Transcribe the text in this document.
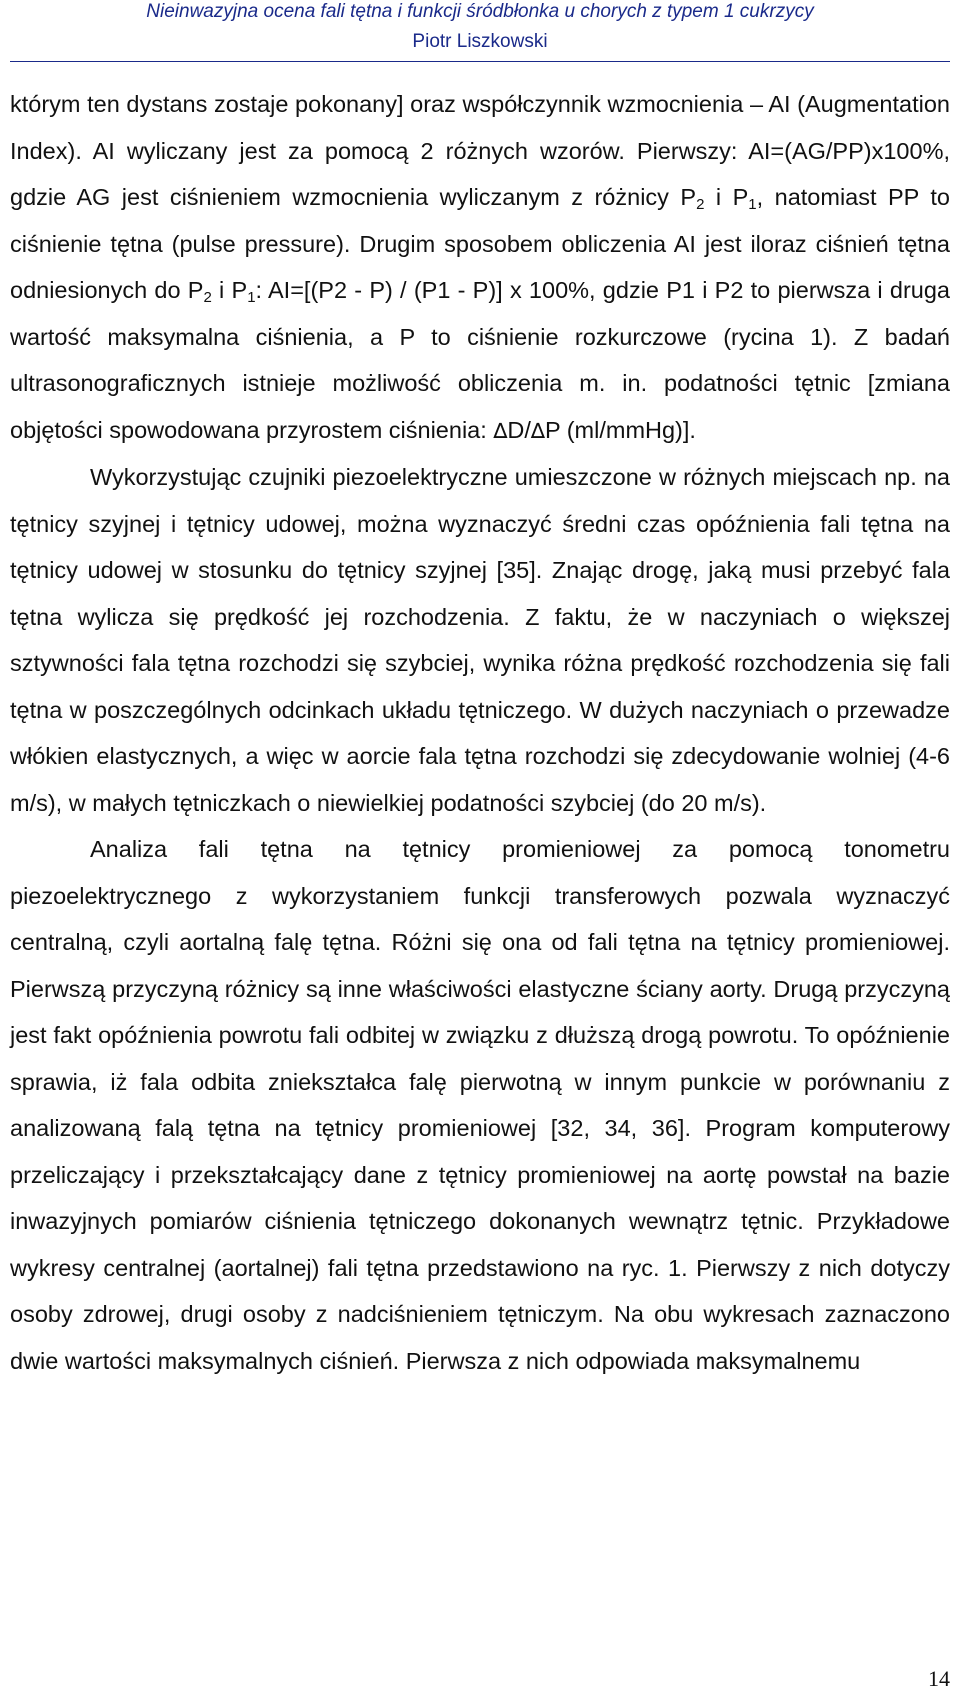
Nieinwazyjna ocena fali tętna i funkcji śródbłonka u chorych z typem 1 cukrzycy
Piotr Liszkowski

którym ten dystans zostaje pokonany] oraz współczynnik wzmocnienia – AI (Augmentation Index). AI wyliczany jest za pomocą 2 różnych wzorów. Pierwszy: AI=(AG/PP)x100%, gdzie AG jest ciśnieniem wzmocnienia wyliczanym z różnicy $P_2$ i $P_1$, natomiast PP to ciśnienie tętna (pulse pressure). Drugim sposobem obliczenia AI jest iloraz ciśnień tętna odniesionych do $P_2$ i $P_1$: AI=[(P2 - P) / (P1 - P)] x 100%, gdzie P1 i P2 to pierwsza i druga wartość maksymalna ciśnienia, a P to ciśnienie rozkurczowe (rycina 1). Z badań ultrasonograficznych istnieje możliwość obliczenia m. in. podatności tętnic [zmiana objętości spowodowana przyrostem ciśnienia: ∆D/∆P (ml/mmHg)].

Wykorzystując czujniki piezoelektryczne umieszczone w różnych miejscach np. na tętnicy szyjnej i tętnicy udowej, można wyznaczyć średni czas opóźnienia fali tętna na tętnicy udowej w stosunku do tętnicy szyjnej [35]. Znając drogę, jaką musi przebyć fala tętna wylicza się prędkość jej rozchodzenia. Z faktu, że w naczyniach o większej sztywności fala tętna rozchodzi się szybciej, wynika różna prędkość rozchodzenia się fali tętna w poszczególnych odcinkach układu tętniczego. W dużych naczyniach o przewadze włókien elastycznych, a więc w aorcie fala tętna rozchodzi się zdecydowanie wolniej (4-6 m/s), w małych tętniczkach o niewielkiej podatności szybciej (do 20 m/s).

Analiza fali tętna na tętnicy promieniowej za pomocą tonometru piezoelektrycznego z wykorzystaniem funkcji transferowych pozwala wyznaczyć centralną, czyli aortalną falę tętna. Różni się ona od fali tętna na tętnicy promieniowej. Pierwszą przyczyną różnicy są inne właściwości elastyczne ściany aorty. Drugą przyczyną jest fakt opóźnienia powrotu fali odbitej w związku z dłuższą drogą powrotu. To opóźnienie sprawia, iż fala odbita zniekształca falę pierwotną w innym punkcie w porównaniu z analizowaną falą tętna na tętnicy promieniowej [32, 34, 36]. Program komputerowy przeliczający i przekształcający dane z tętnicy promieniowej na aortę powstał na bazie inwazyjnych pomiarów ciśnienia tętniczego dokonanych wewnątrz tętnic. Przykładowe wykresy centralnej (aortalnej) fali tętna przedstawiono na ryc. 1. Pierwszy z nich dotyczy osoby zdrowej, drugi osoby z nadciśnieniem tętniczym. Na obu wykresach zaznaczono dwie wartości maksymalnych ciśnień. Pierwsza z nich odpowiada maksymalnemu

14
